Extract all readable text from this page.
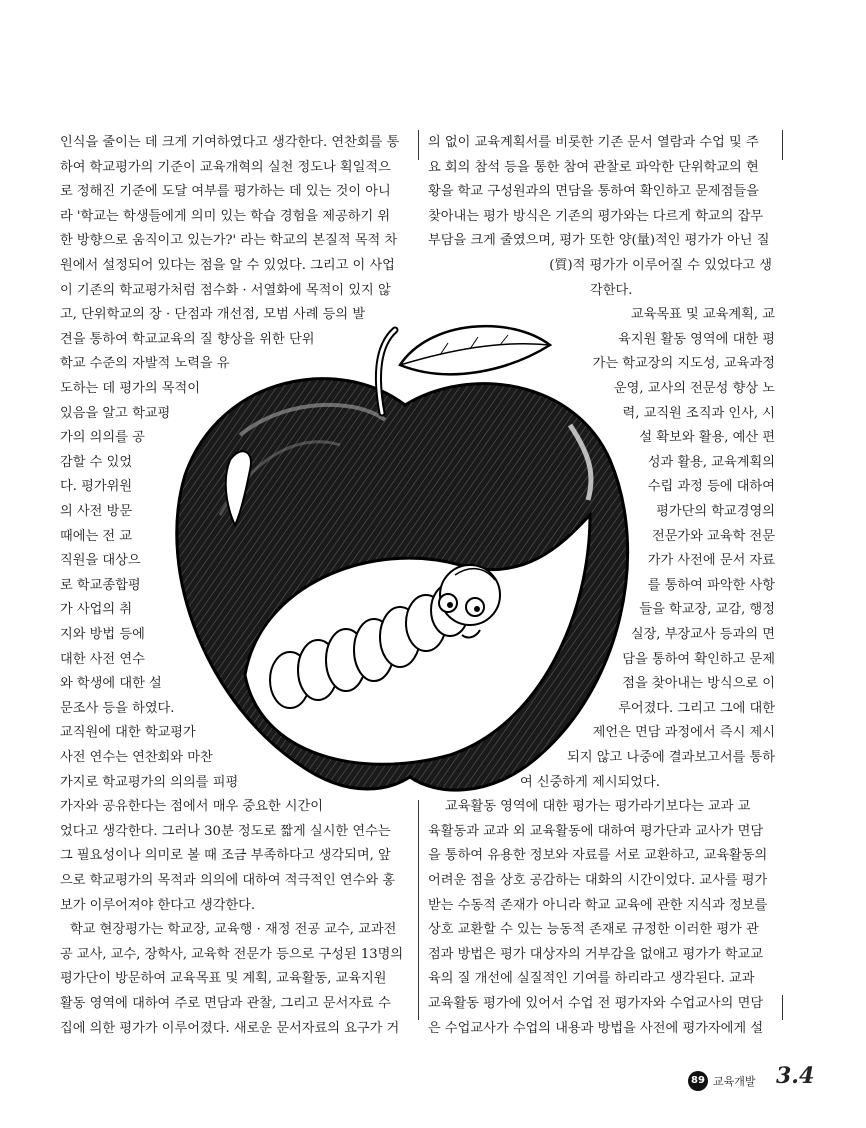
인식을 줄이는 데 크게 기여하였다고 생각한다. 연찬회를 통
하여 학교평가의 기준이 교육개혁의 실천 정도나 획일적으
로 정해진 기준에 도달 여부를 평가하는 데 있는 것이 아니
라 '학교는 학생들에게 의미 있는 학습 경험을 제공하기 위
한 방향으로 움직이고 있는가?' 라는 학교의 본질적 목적 차
원에서 설정되어 있다는 점을 알 수 있었다. 그리고 이 사업
이 기존의 학교평가처럼 점수화 · 서열화에 목적이 있지 않
고, 단위학교의 장 · 단점과 개선점, 모범 사례 등의 발
견을 통하여 학교교육의 질 향상을 위한 단위
학교 수준의 자발적 노력을 유
도하는 데 평가의 목적이
있음을 알고 학교평
가의 의의를 공
감할 수 있었
다. 평가위원
의 사전 방문
때에는 전 교
직원을 대상으
로 학교종합평
가 사업의 취
지와 방법 등에
대한 사전 연수
와 학생에 대한 설
문조사 등을 하였다.
교직원에 대한 학교평가
사전 연수는 연찬회와 마찬
가지로 학교평가의 의의를 피평
가자와 공유한다는 점에서 매우 중요한 시간이
었다고 생각한다. 그러나 30분 정도로 짧게 실시한 연수는
그 필요성이나 의미로 볼 때 조금 부족하다고 생각되며, 앞
으로 학교평가의 목적과 의의에 대하여 적극적인 연수와 홍
보가 이루어져야 한다고 생각한다.
학교 현장평가는 학교장, 교육행 · 재정 전공 교수, 교과전
공 교사, 교수, 장학사, 교육학 전문가 등으로 구성된 13명의
평가단이 방문하여 교육목표 및 계획, 교육활동, 교육지원
활동 영역에 대하여 주로 면담과 관찰, 그리고 문서자료 수
집에 의한 평가가 이루어졌다. 새로운 문서자료의 요구가 거
의 없이 교육계획서를 비롯한 기존 문서 열람과 수업 및 주
요 회의 참석 등을 통한 참여 관찰로 파악한 단위학교의 현
황을 학교 구성원과의 면담을 통하여 확인하고 문제점들을
찾아내는 평가 방식은 기존의 평가와는 다르게 학교의 잡무
부담을 크게 줄였으며, 평가 또한 양(量)적인 평가가 아닌 질
(質)적 평가가 이루어질 수 있었다고 생
각한다.
교육목표 및 교육계획, 교
육지원 활동 영역에 대한 평
가는 학교장의 지도성, 교육과정
운영, 교사의 전문성 향상 노
력, 교직원 조직과 인사, 시
설 확보와 활용, 예산 편
성과 활용, 교육계획의
수립 과정 등에 대하여
평가단의 학교경영의
전문가와 교육학 전문
가가 사전에 문서 자료
를 통하여 파악한 사항
들을 학교장, 교감, 행정
실장, 부장교사 등과의 면
담을 통하여 확인하고 문제
점을 찾아내는 방식으로 이
루어졌다. 그리고 그에 대한
제언은 면담 과정에서 즉시 제시
되지 않고 나중에 결과보고서를 통하
여 신중하게 제시되었다.
교육활동 영역에 대한 평가는 평가라기보다는 교과 교
육활동과 교과 외 교육활동에 대하여 평가단과 교사가 면담
을 통하여 유용한 정보와 자료를 서로 교환하고, 교육활동의
어려운 점을 상호 공감하는 대화의 시간이었다. 교사를 평가
받는 수동적 존재가 아니라 학교 교육에 관한 지식과 정보를
상호 교환할 수 있는 능동적 존재로 규정한 이러한 평가 관
점과 방법은 평가 대상자의 거부감을 없애고 평가가 학교교
육의 질 개선에 실질적인 기여를 하리라고 생각된다. 교과
교육활동 평가에 있어서 수업 전 평가자와 수업교사의 면담
은 수업교사가 수업의 내용과 방법을 사전에 평가자에게 설
89 교육개발 3.4
